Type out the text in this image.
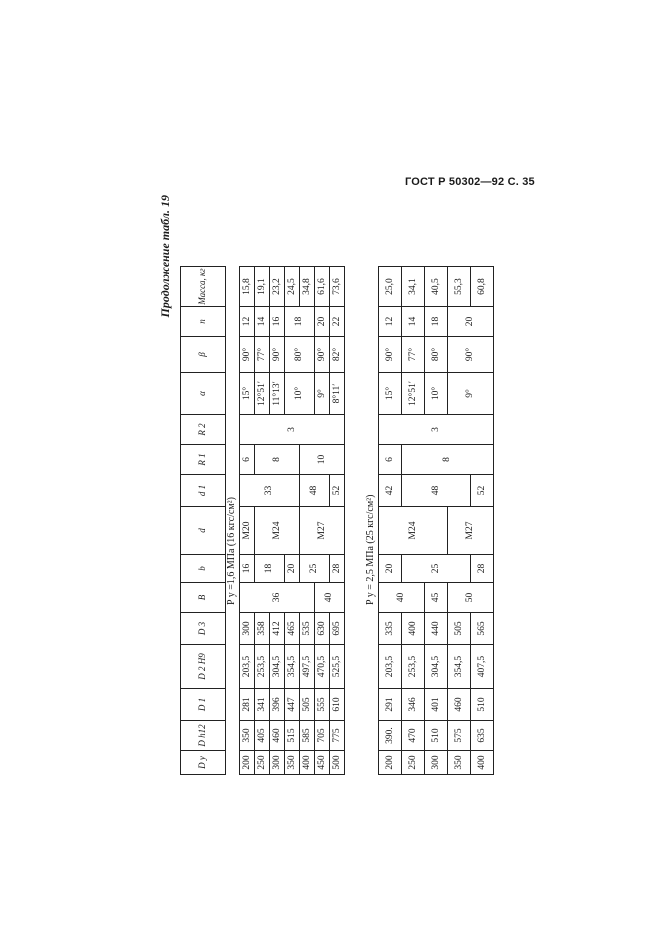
ГОСТ Р 50302—92 С. 35
Продолжение табл. 19
D y	D h12	D 1	D 2 H9	D 3	B	b	d	d 1	R 1	R 2	α	β	n	Масса, кг
P y =1,6 МПа (16 кгс/см²)
200	350	281	203,5	300	36	16	M20	33	6	3	15°	90°	12	15,8
250	405	341	253,5	358		18	M24		8		12°51′	77°	14	19,1
300	460	396	304,5	412							11°13′	90°	16	23,2
350	515	447	354,5	465		20					10°	80°	18	24,5
400	585	505	497,5	535		25	M27	48	10					34,8
450	705	555	470,5	630	40						9°	90°	20	61,6
500	775	610	525,5	695		28		52			8°11′	82°	22	73,6
P y = 2,5 МПа (25 кгс/см²)
200	390.	291	203,5	335	40	20	M24	42	6	3	15°	90°	12	25,0
250	470	346	253,5	400		25		48	8		12°51′	77°	14	34,1
300	510	401	304,5	440	45						10°	80°	18	40,5
350	575	460	354,5	505	50		M27				9°	90°	20	55,3
400	635	510	407,5	565		28		52						60,8
